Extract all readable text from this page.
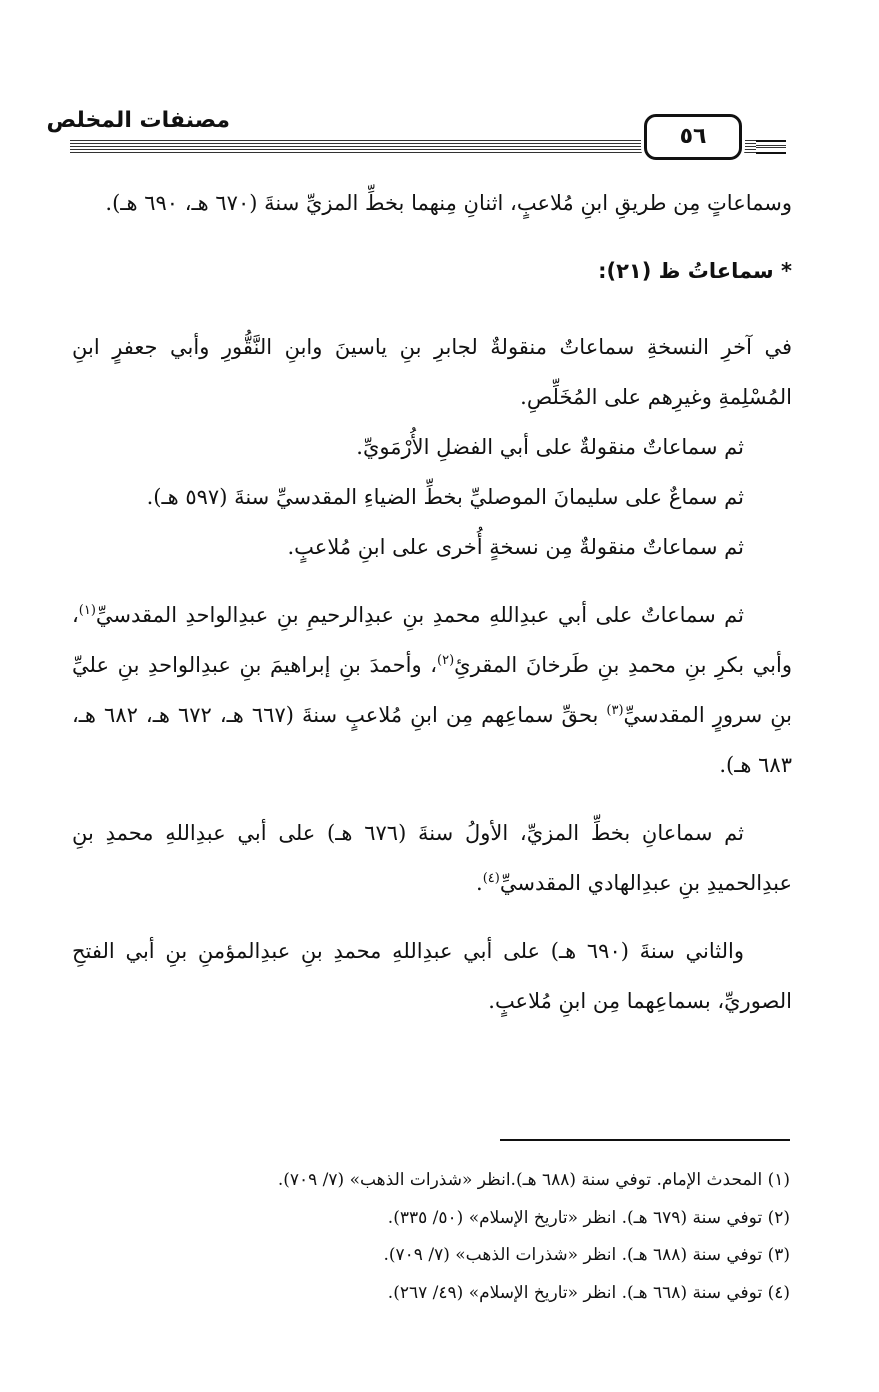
مصنفات المخلص
٥٦

وسماعاتٍ مِن طريقِ ابنِ مُلاعبٍ، اثنانِ مِنهما بخطِّ المزيِّ سنةَ (٦٧٠ هـ، ٦٩٠ هـ).

* سماعاتُ ظ (٢١):

في آخرِ النسخةِ سماعاتٌ منقولةٌ لجابرِ بنِ ياسينَ وابنِ النَّقُّورِ وأبي جعفرٍ ابنِ المُسْلِمةِ وغيرِهم على المُخَلِّصِ.

ثم سماعاتٌ منقولةٌ على أبي الفضلِ الأُرْمَويِّ.

ثم سماعٌ على سليمانَ الموصليِّ بخطِّ الضياءِ المقدسيِّ سنةَ (٥٩٧ هـ).

ثم سماعاتٌ منقولةٌ مِن نسخةٍ أُخرى على ابنِ مُلاعبٍ.

ثم سماعاتٌ على أبي عبدِاللهِ محمدِ بنِ عبدِالرحيمِ بنِ عبدِالواحدِ المقدسيِّ$^{(١)}$، وأبي بكرِ بنِ محمدِ بنِ طَرخانَ المقرئِ$^{(٢)}$، وأحمدَ بنِ إبراهيمَ بنِ عبدِالواحدِ بنِ عليِّ بنِ سرورٍ المقدسيِّ$^{(٣)}$ بحقِّ سماعِهم مِن ابنِ مُلاعبٍ سنةَ (٦٦٧ هـ، ٦٧٢ هـ، ٦٨٢ هـ، ٦٨٣ هـ).

ثم سماعانِ بخطِّ المزيِّ، الأولُ سنةَ (٦٧٦ هـ) على أبي عبدِاللهِ محمدِ بنِ عبدِالحميدِ بنِ عبدِالهادي المقدسيِّ$^{(٤)}$.

والثاني سنةَ (٦٩٠ هـ) على أبي عبدِاللهِ محمدِ بنِ عبدِالمؤمنِ بنِ أبي الفتحِ الصوريِّ، بسماعِهما مِن ابنِ مُلاعبٍ.

(١) المحدث الإمام. توفي سنة (٦٨٨ هـ).انظر «شذرات الذهب» (٧/ ٧٠٩).

(٢) توفي سنة (٦٧٩ هـ). انظر «تاريخ الإسلام» (٥٠/ ٣٣٥).

(٣) توفي سنة (٦٨٨ هـ). انظر «شذرات الذهب» (٧/ ٧٠٩).

(٤) توفي سنة (٦٦٨ هـ). انظر «تاريخ الإسلام» (٤٩/ ٢٦٧).
